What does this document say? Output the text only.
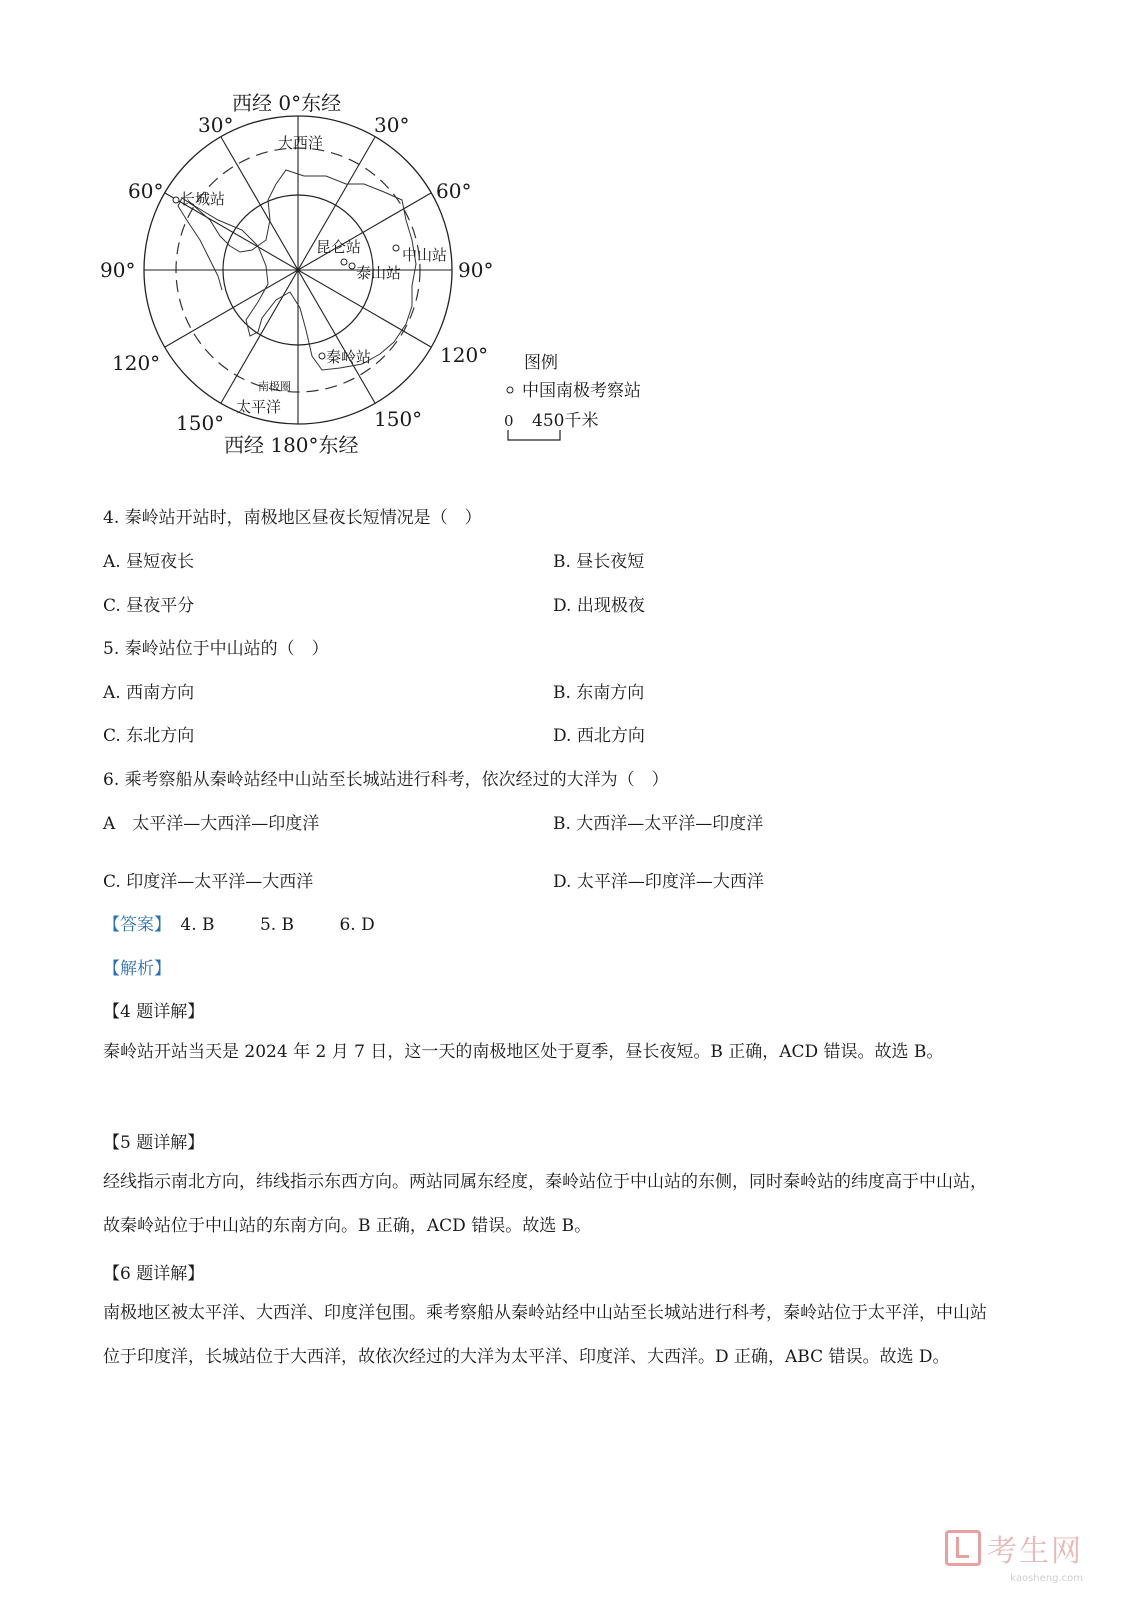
西经 0°东经
西经 180°东经
30°	30°
60°	60°
90°	90°
120°	120°
150°	150°
大西洋
太平洋
南极圈
长城站
昆仑站	中山站
泰山站
秦岭站	图例
中国南极考察站
0 450千米
4. 秦岭站开站时，南极地区昼夜长短情况是（　）
A. 昼短夜长	B. 昼长夜短
C. 昼夜平分	D. 出现极夜
5. 秦岭站位于中山站的（　）
A. 西南方向	B. 东南方向
C. 东北方向	D. 西北方向
6. 乘考察船从秦岭站经中山站至长城站进行科考，依次经过的大洋为（　）
A　太平洋—大西洋—印度洋	B. 大西洋—太平洋—印度洋
C. 印度洋—太平洋—大西洋	D. 太平洋—印度洋—大西洋
【答案】 4. B	5. B	6. D
【解析】
【4 题详解】
秦岭站开站当天是 2024 年 2 月 7 日，这一天的南极地区处于夏季，昼长夜短。B 正确，ACD 错误。故选 B。
【5 题详解】
经线指示南北方向，纬线指示东西方向。两站同属东经度，秦岭站位于中山站的东侧，同时秦岭站的纬度高于中山站，故秦岭站位于中山站的东南方向。B 正确，ACD 错误。故选 B。
【6 题详解】
南极地区被太平洋、大西洋、印度洋包围。乘考察船从秦岭站经中山站至长城站进行科考，秦岭站位于太平洋，中山站位于印度洋，长城站位于大西洋，故依次经过的大洋为太平洋、印度洋、大西洋。D 正确，ABC 错误。故选 D。
考生网
kaosheng.com
